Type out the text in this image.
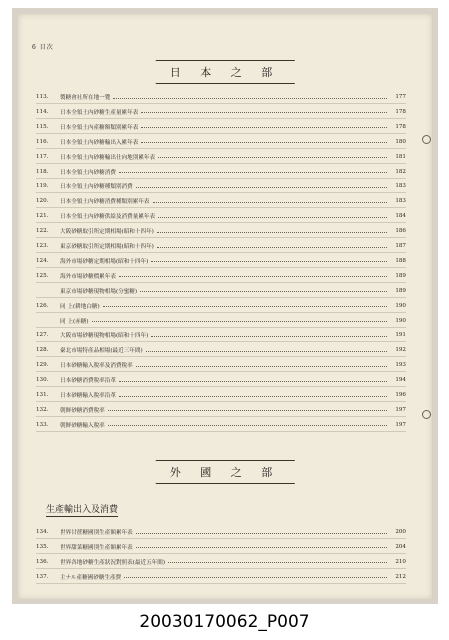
6 目次
日 本 之 部
113.	製糖會社所在地一覽	177
114.	日本全領土內砂糖生產量累年表	178
115.	日本全領土內產糖額類別累年表	178
116.	日本全領土內砂糖輸出入累年表	180
117.	日本全領土內砂糖輸出仕向地別累年表	181
118.	日本全領土內砂糖消費	182
119.	日本全領土內砂糖種類別消費	183
120.	日本全領土內砂糖消費種類別累年表	183
121.	日本全領土內砂糖供給及消費量累年表	184
122.	大阪砂糖取引所定期相場(昭和十四年)	186
123.	東京砂糖取引所定期相場(昭和十四年)	187
124.	海外市場砂糖定期相場(昭和十四年)	188
125.	海外市場砂糖價累年表	189
東京市場砂糖現物相場(分蜜糖)	189
126.	同 上(耕地白糖)	190
同 上(赤糖)	190
127.	大阪市場砂糖現物相場(昭和十四年)	191
128.	臺北市場特產品相場(最近三年間)	192
129.	日本砂糖輸入稅率及消費稅率	193
130.	日本砂糖消費稅率沿革	194
131.	日本砂糖輸入稅率沿革	196
132.	朝鮮砂糖消費稅率	197
133.	朝鮮砂糖輸入稅率	197
外 國 之 部
生產輸出入及消費
134.	世界甘蔗糖國別生產額累年表	200
135.	世界甜菜糖國別生產額累年表	204
136.	世界各地砂糖生產狀況對照表(最近五年間)	210
137.	主ナル產糖國砂糖生產費	212
20030170062_P007
